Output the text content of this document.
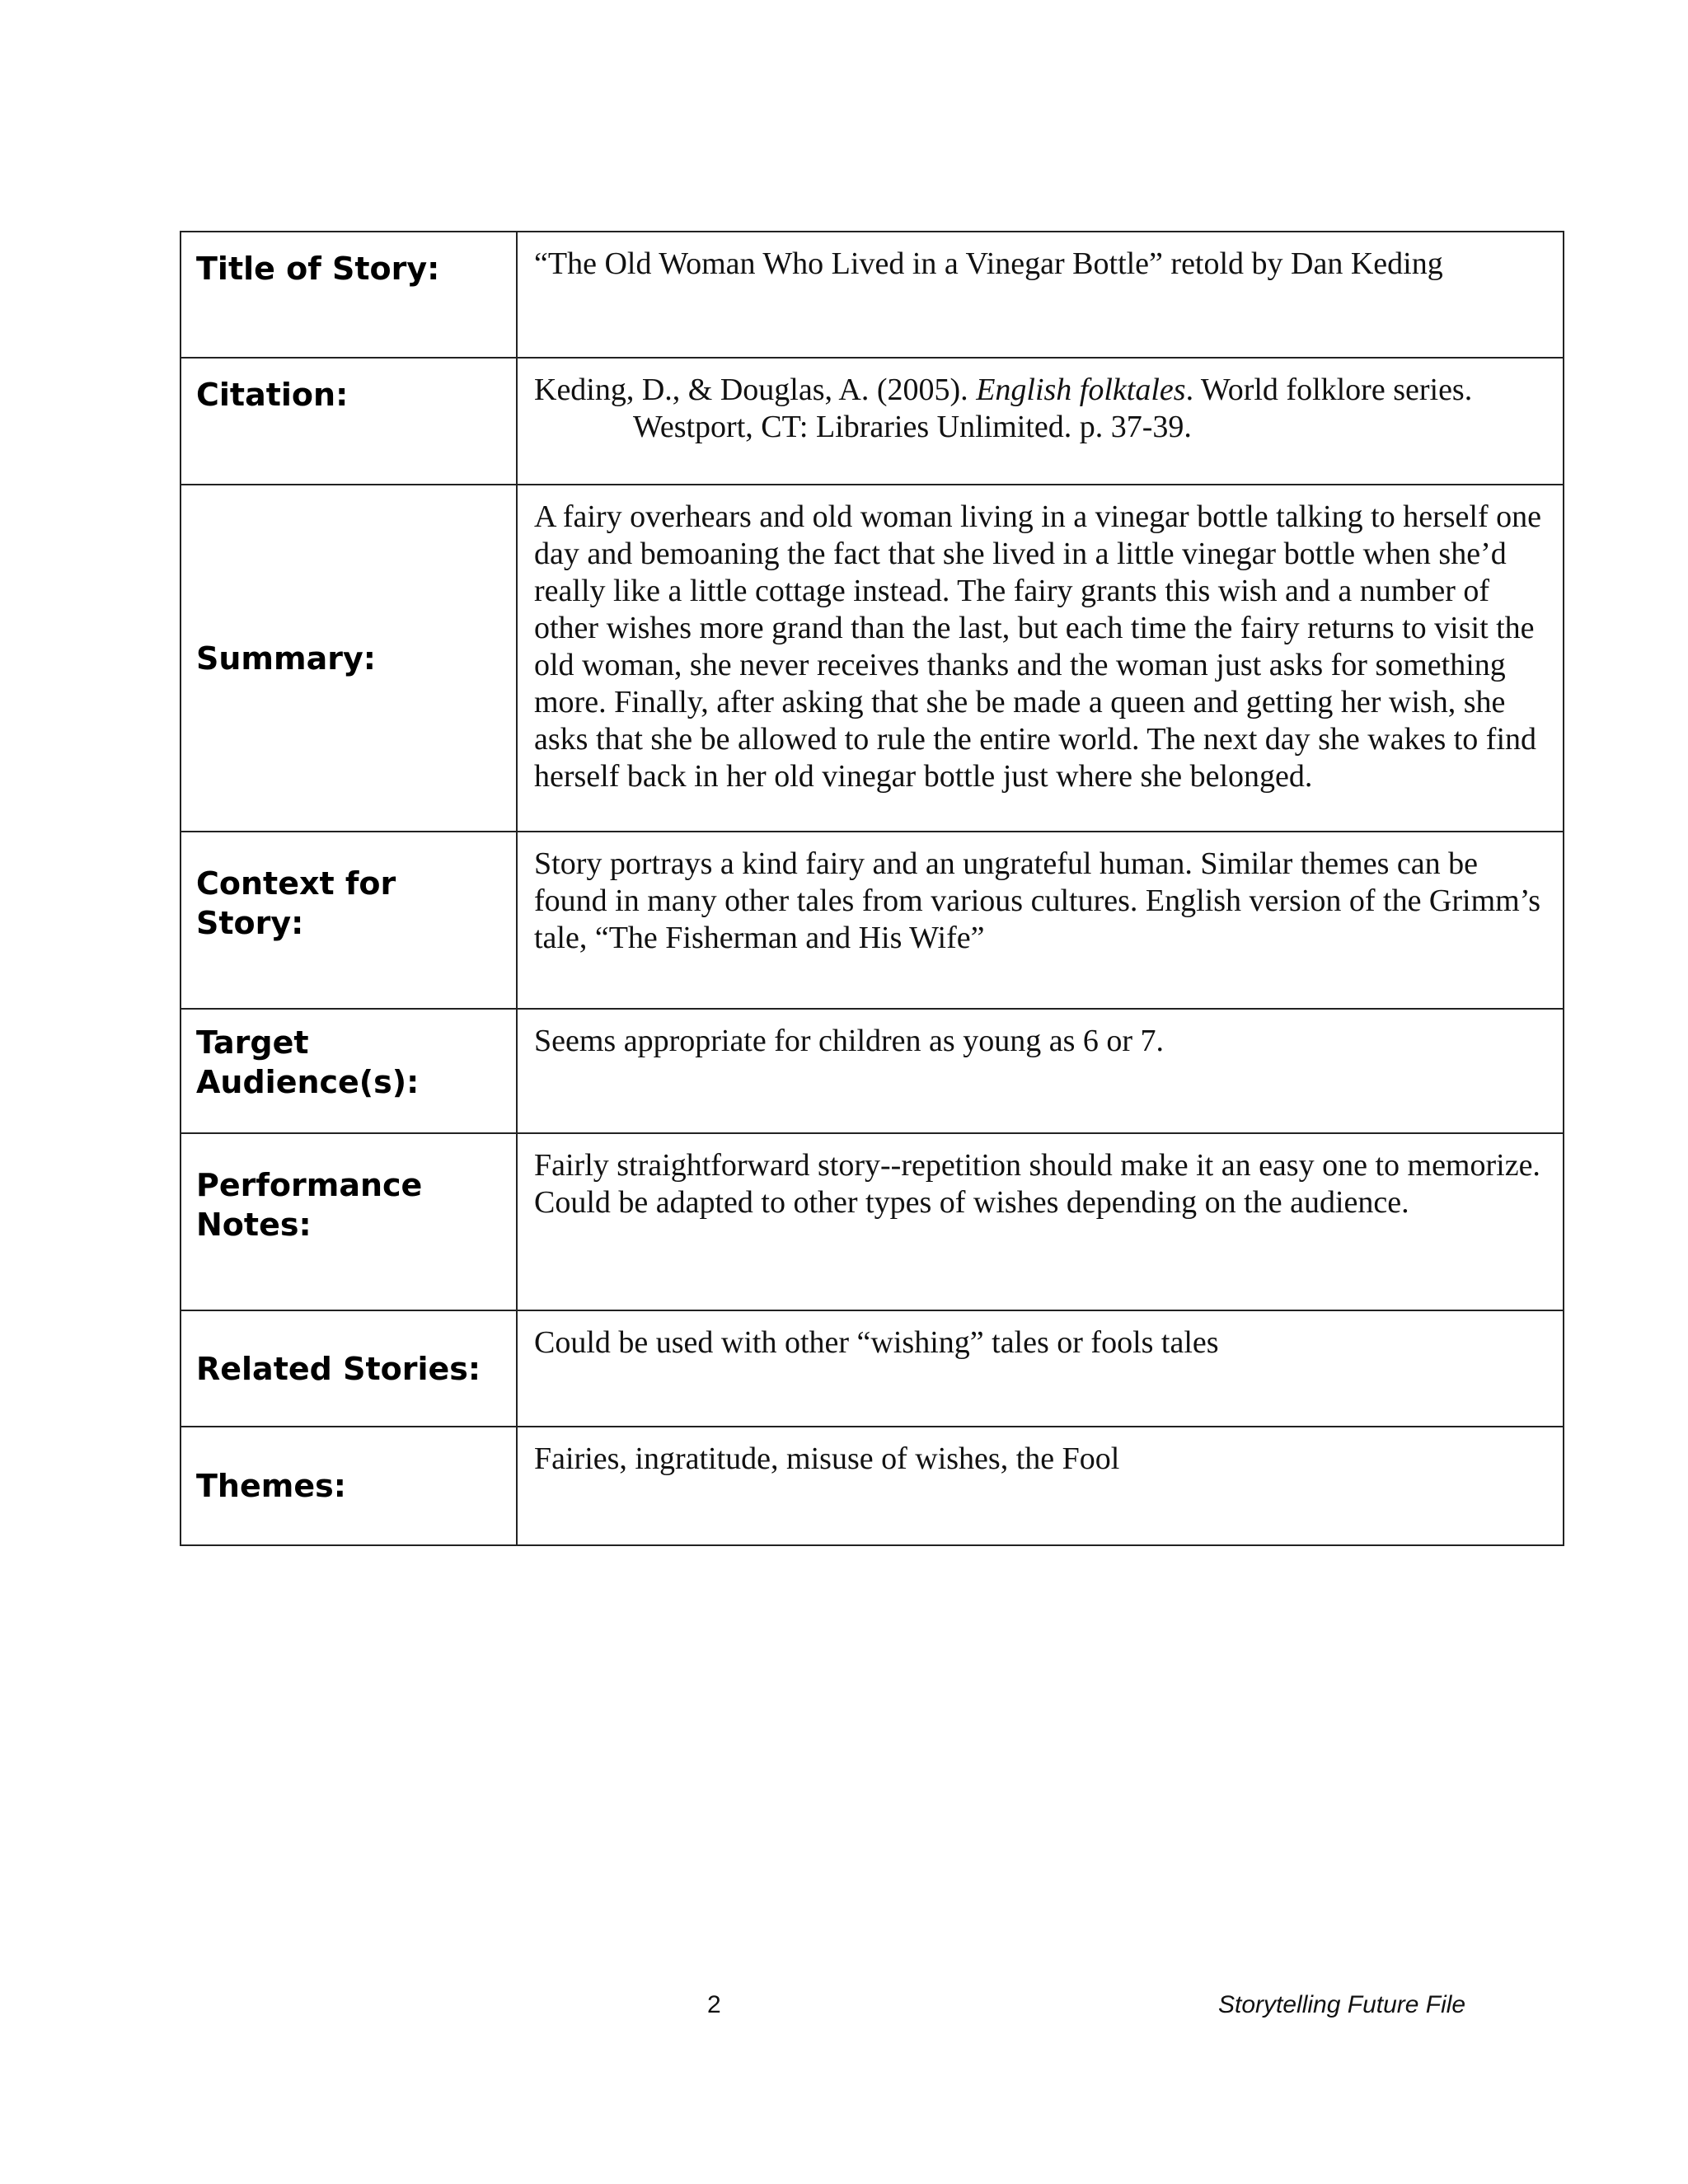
Title of Story:	“The Old Woman Who Lived in a Vinegar Bottle” retold by Dan Keding
Citation:	Keding, D., & Douglas, A. (2005). English folktales. World folklore series.
Westport, CT: Libraries Unlimited. p. 37-39.

Summary:	A fairy overhears and old woman living in a vinegar bottle talking to herself one day and bemoaning the fact that she lived in a little vinegar bottle when she’d really like a little cottage instead. The fairy grants this wish and a number of other wishes more grand than the last, but each time the fairy returns to visit the old woman, she never receives thanks and the woman just asks for something more. Finally, after asking that she be made a queen and getting her wish, she asks that she be allowed to rule the entire world. The next day she wakes to find herself back in her old vinegar bottle just where she belonged.
Context for Story:	Story portrays a kind fairy and an ungrateful human. Similar themes can be found in many other tales from various cultures. English version of the Grimm’s tale, “The Fisherman and His Wife”
Target Audience(s):	Seems appropriate for children as young as 6 or 7.
Performance Notes:	Fairly straightforward story--repetition should make it an easy one to memorize. Could be adapted to other types of wishes depending on the audience.
Related Stories:	Could be used with other “wishing” tales or fools tales
Themes:	Fairies, ingratitude, misuse of wishes, the Fool
2	Storytelling Future File
